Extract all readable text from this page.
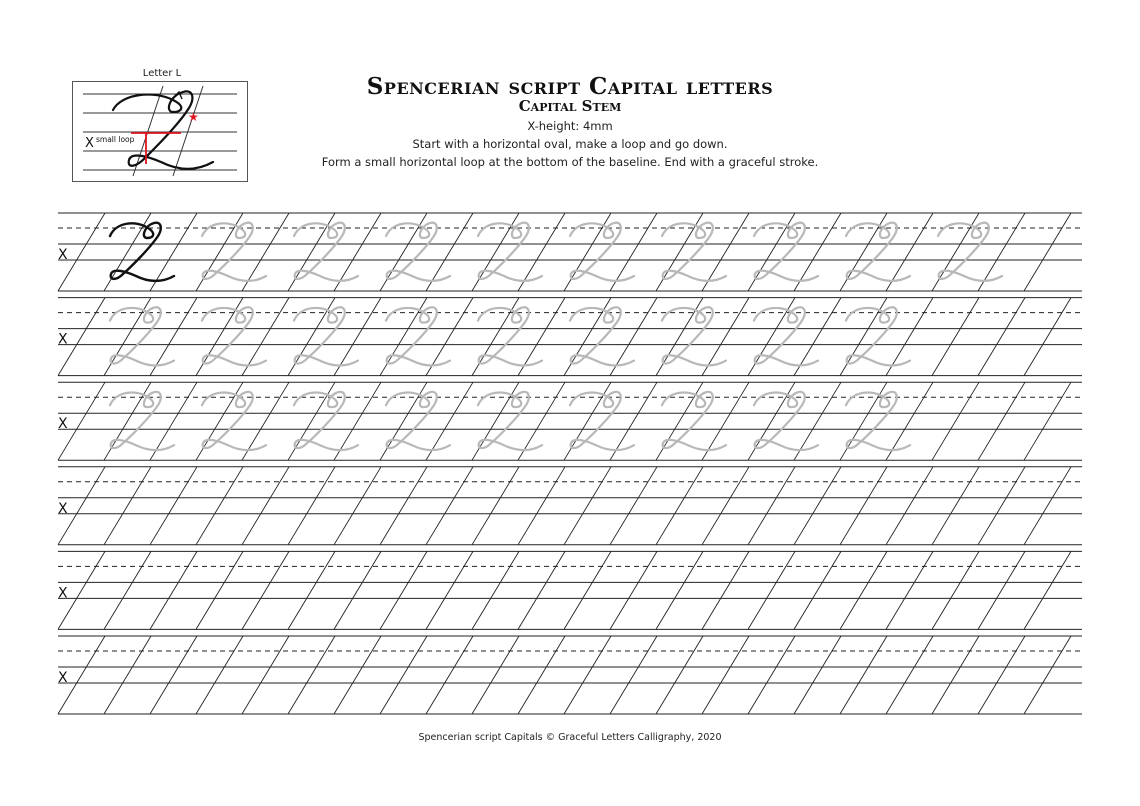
X
X
X
X
X
X
Letter L
★
X small loop
Spencerian script Capital letters
Capital Stem
X-height: 4mm
Start with a horizontal oval, make a loop and go down.
Form a small horizontal loop at the bottom of the baseline. End with a graceful stroke.
Spencerian script Capitals © Graceful Letters Calligraphy, 2020
